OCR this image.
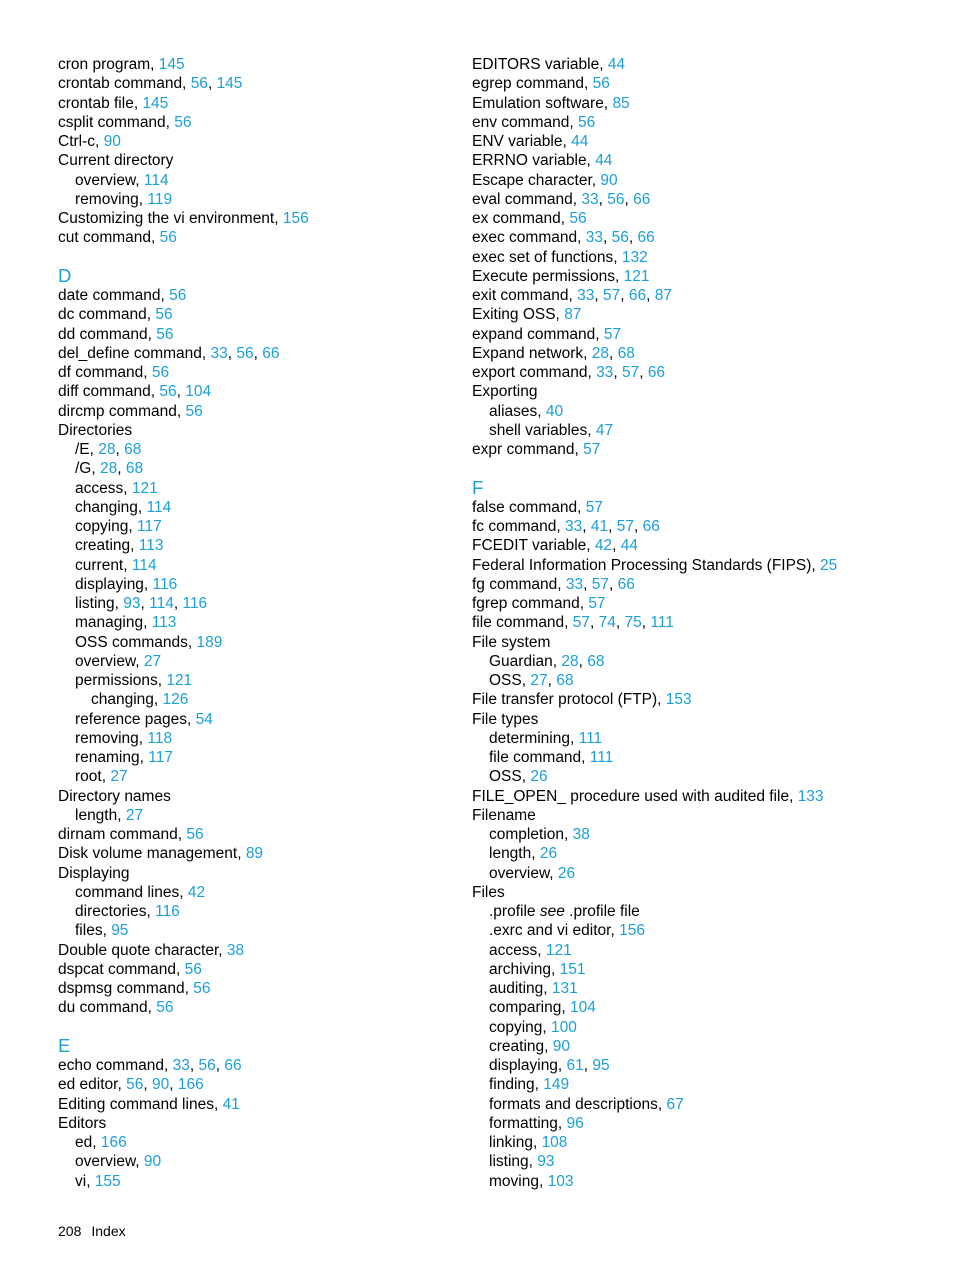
cron program, 145
crontab command, 56, 145
crontab file, 145
csplit command, 56
Ctrl-c, 90
Current directory
overview, 114
removing, 119
Customizing the vi environment, 156
cut command, 56
D
date command, 56
dc command, 56
dd command, 56
del_define command, 33, 56, 66
df command, 56
diff command, 56, 104
dircmp command, 56
Directories
/E, 28, 68
/G, 28, 68
access, 121
changing, 114
copying, 117
creating, 113
current, 114
displaying, 116
listing, 93, 114, 116
managing, 113
OSS commands, 189
overview, 27
permissions, 121
changing, 126
reference pages, 54
removing, 118
renaming, 117
root, 27
Directory names
length, 27
dirnam command, 56
Disk volume management, 89
Displaying
command lines, 42
directories, 116
files, 95
Double quote character, 38
dspcat command, 56
dspmsg command, 56
du command, 56
E
echo command, 33, 56, 66
ed editor, 56, 90, 166
Editing command lines, 41
Editors
ed, 166
overview, 90
vi, 155
EDITORS variable, 44
egrep command, 56
Emulation software, 85
env command, 56
ENV variable, 44
ERRNO variable, 44
Escape character, 90
eval command, 33, 56, 66
ex command, 56
exec command, 33, 56, 66
exec set of functions, 132
Execute permissions, 121
exit command, 33, 57, 66, 87
Exiting OSS, 87
expand command, 57
Expand network, 28, 68
export command, 33, 57, 66
Exporting
aliases, 40
shell variables, 47
expr command, 57
F
false command, 57
fc command, 33, 41, 57, 66
FCEDIT variable, 42, 44
Federal Information Processing Standards (FIPS), 25
fg command, 33, 57, 66
fgrep command, 57
file command, 57, 74, 75, 111
File system
Guardian, 28, 68
OSS, 27, 68
File transfer protocol (FTP), 153
File types
determining, 111
file command, 111
OSS, 26
FILE_OPEN_ procedure used with audited file, 133
Filename
completion, 38
length, 26
overview, 26
Files
.profile see .profile file
.exrc and vi editor, 156
access, 121
archiving, 151
auditing, 131
comparing, 104
copying, 100
creating, 90
displaying, 61, 95
finding, 149
formats and descriptions, 67
formatting, 96
linking, 108
listing, 93
moving, 103
208 Index
